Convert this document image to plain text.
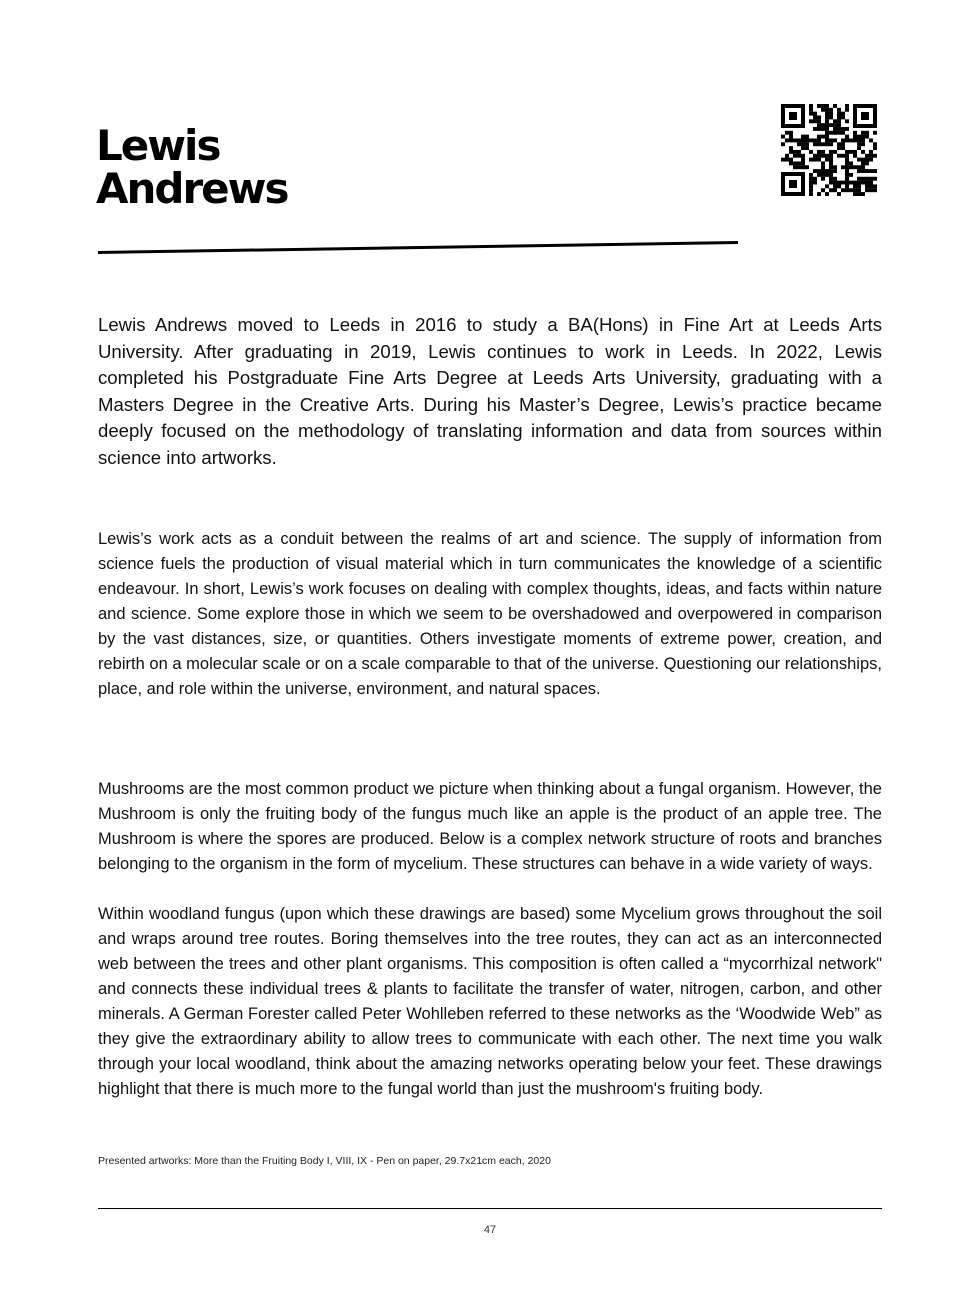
Lewis
Andrews

Lewis Andrews moved to Leeds in 2016 to study a BA(Hons) in Fine Art at Leeds Arts University. After graduating in 2019, Lewis continues to work in Leeds. In 2022, Lewis completed his Postgraduate Fine Arts Degree at Leeds Arts University, graduating with a Masters Degree in the Creative Arts. During his Master’s Degree, Lewis’s practice became deeply focused on the methodology of translating information and data from sources within science into artworks.

Lewis’s work acts as a conduit between the realms of art and science. The supply of information from science fuels the production of visual material which in turn communicates the knowledge of a scientific endeavour. In short, Lewis’s work focuses on dealing with complex thoughts, ideas, and facts within nature and science. Some explore those in which we seem to be overshadowed and overpowered in comparison by the vast distances, size, or quantities. Others investigate moments of extreme power, creation, and rebirth on a molecular scale or on a scale comparable to that of the universe. Questioning our relationships, place, and role within the universe, environment, and natural spaces.

Mushrooms are the most common product we picture when thinking about a fungal organism. However, the Mushroom is only the fruiting body of the fungus much like an apple is the product of an apple tree. The Mushroom is where the spores are produced. Below is a complex network structure of roots and branches belonging to the organism in the form of mycelium. These structures can behave in a wide variety of ways.

Within woodland fungus (upon which these drawings are based) some Mycelium grows throughout the soil and wraps around tree routes. Boring themselves into the tree routes, they can act as an interconnected web between the trees and other plant organisms. This composition is often called a “mycorrhizal network" and connects these individual trees & plants to facilitate the transfer of water, nitrogen, carbon, and other minerals. A German Forester called Peter Wohlleben referred to these networks as the ‘Woodwide Web” as they give the extraordinary ability to allow trees to communicate with each other. The next time you walk through your local woodland, think about the amazing networks operating below your feet. These drawings highlight that there is much more to the fungal world than just the mushroom's fruiting body.

Presented artworks: More than the Fruiting Body I, VIII, IX - Pen on paper, 29.7x21cm each, 2020
47
